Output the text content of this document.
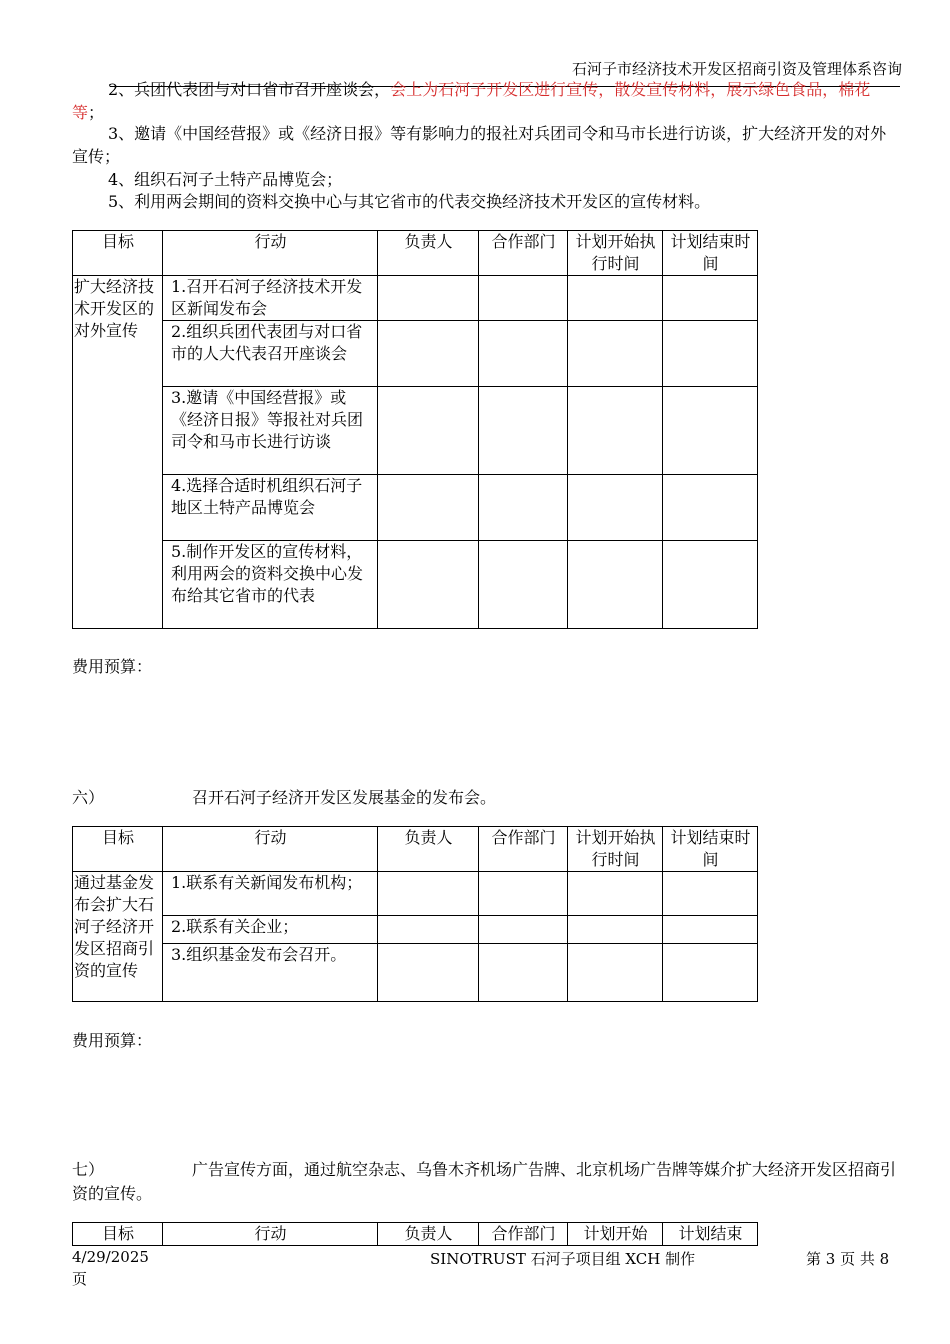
石河子市经济技术开发区招商引资及管理体系咨询
2、兵团代表团与对口省市召开座谈会，会上为石河子开发区进行宣传，散发宣传材料，展示绿色食品，棉花等；
3、邀请《中国经营报》或《经济日报》等有影响力的报社对兵团司令和马市长进行访谈，扩大经济开发的对外宣传；
4、组织石河子土特产品博览会；
5、利用两会期间的资料交换中心与其它省市的代表交换经济技术开发区的宣传材料。
目标	行动	负责人	合作部门	计划开始执行时间	计划结束时间
扩大经济技术开发区的对外宣传	1.召开石河子经济技术开发区新闻发布会				
	2.组织兵团代表团与对口省市的人大代表召开座谈会				
	3.邀请《中国经营报》或《经济日报》等报社对兵团司令和马市长进行访谈				
	4.选择合适时机组织石河子地区土特产品博览会				
	5.制作开发区的宣传材料，利用两会的资料交换中心发布给其它省市的代表				
费用预算：
六）	召开石河子经济开发区发展基金的发布会。
目标	行动	负责人	合作部门	计划开始执行时间	计划结束时间
通过基金发布会扩大石河子经济开发区招商引资的宣传	1.联系有关新闻发布机构；				
	2.联系有关企业；				
	3.组织基金发布会召开。				
费用预算：
七）	广告宣传方面，通过航空杂志、乌鲁木齐机场广告牌、北京机场广告牌等媒介扩大经济开发区招商引资的宣传。
目标	行动	负责人	合作部门	计划开始	计划结束
4/29/2025	SINOTRUST 石河子项目组 XCH 制作	第 3 页 共 8
页
